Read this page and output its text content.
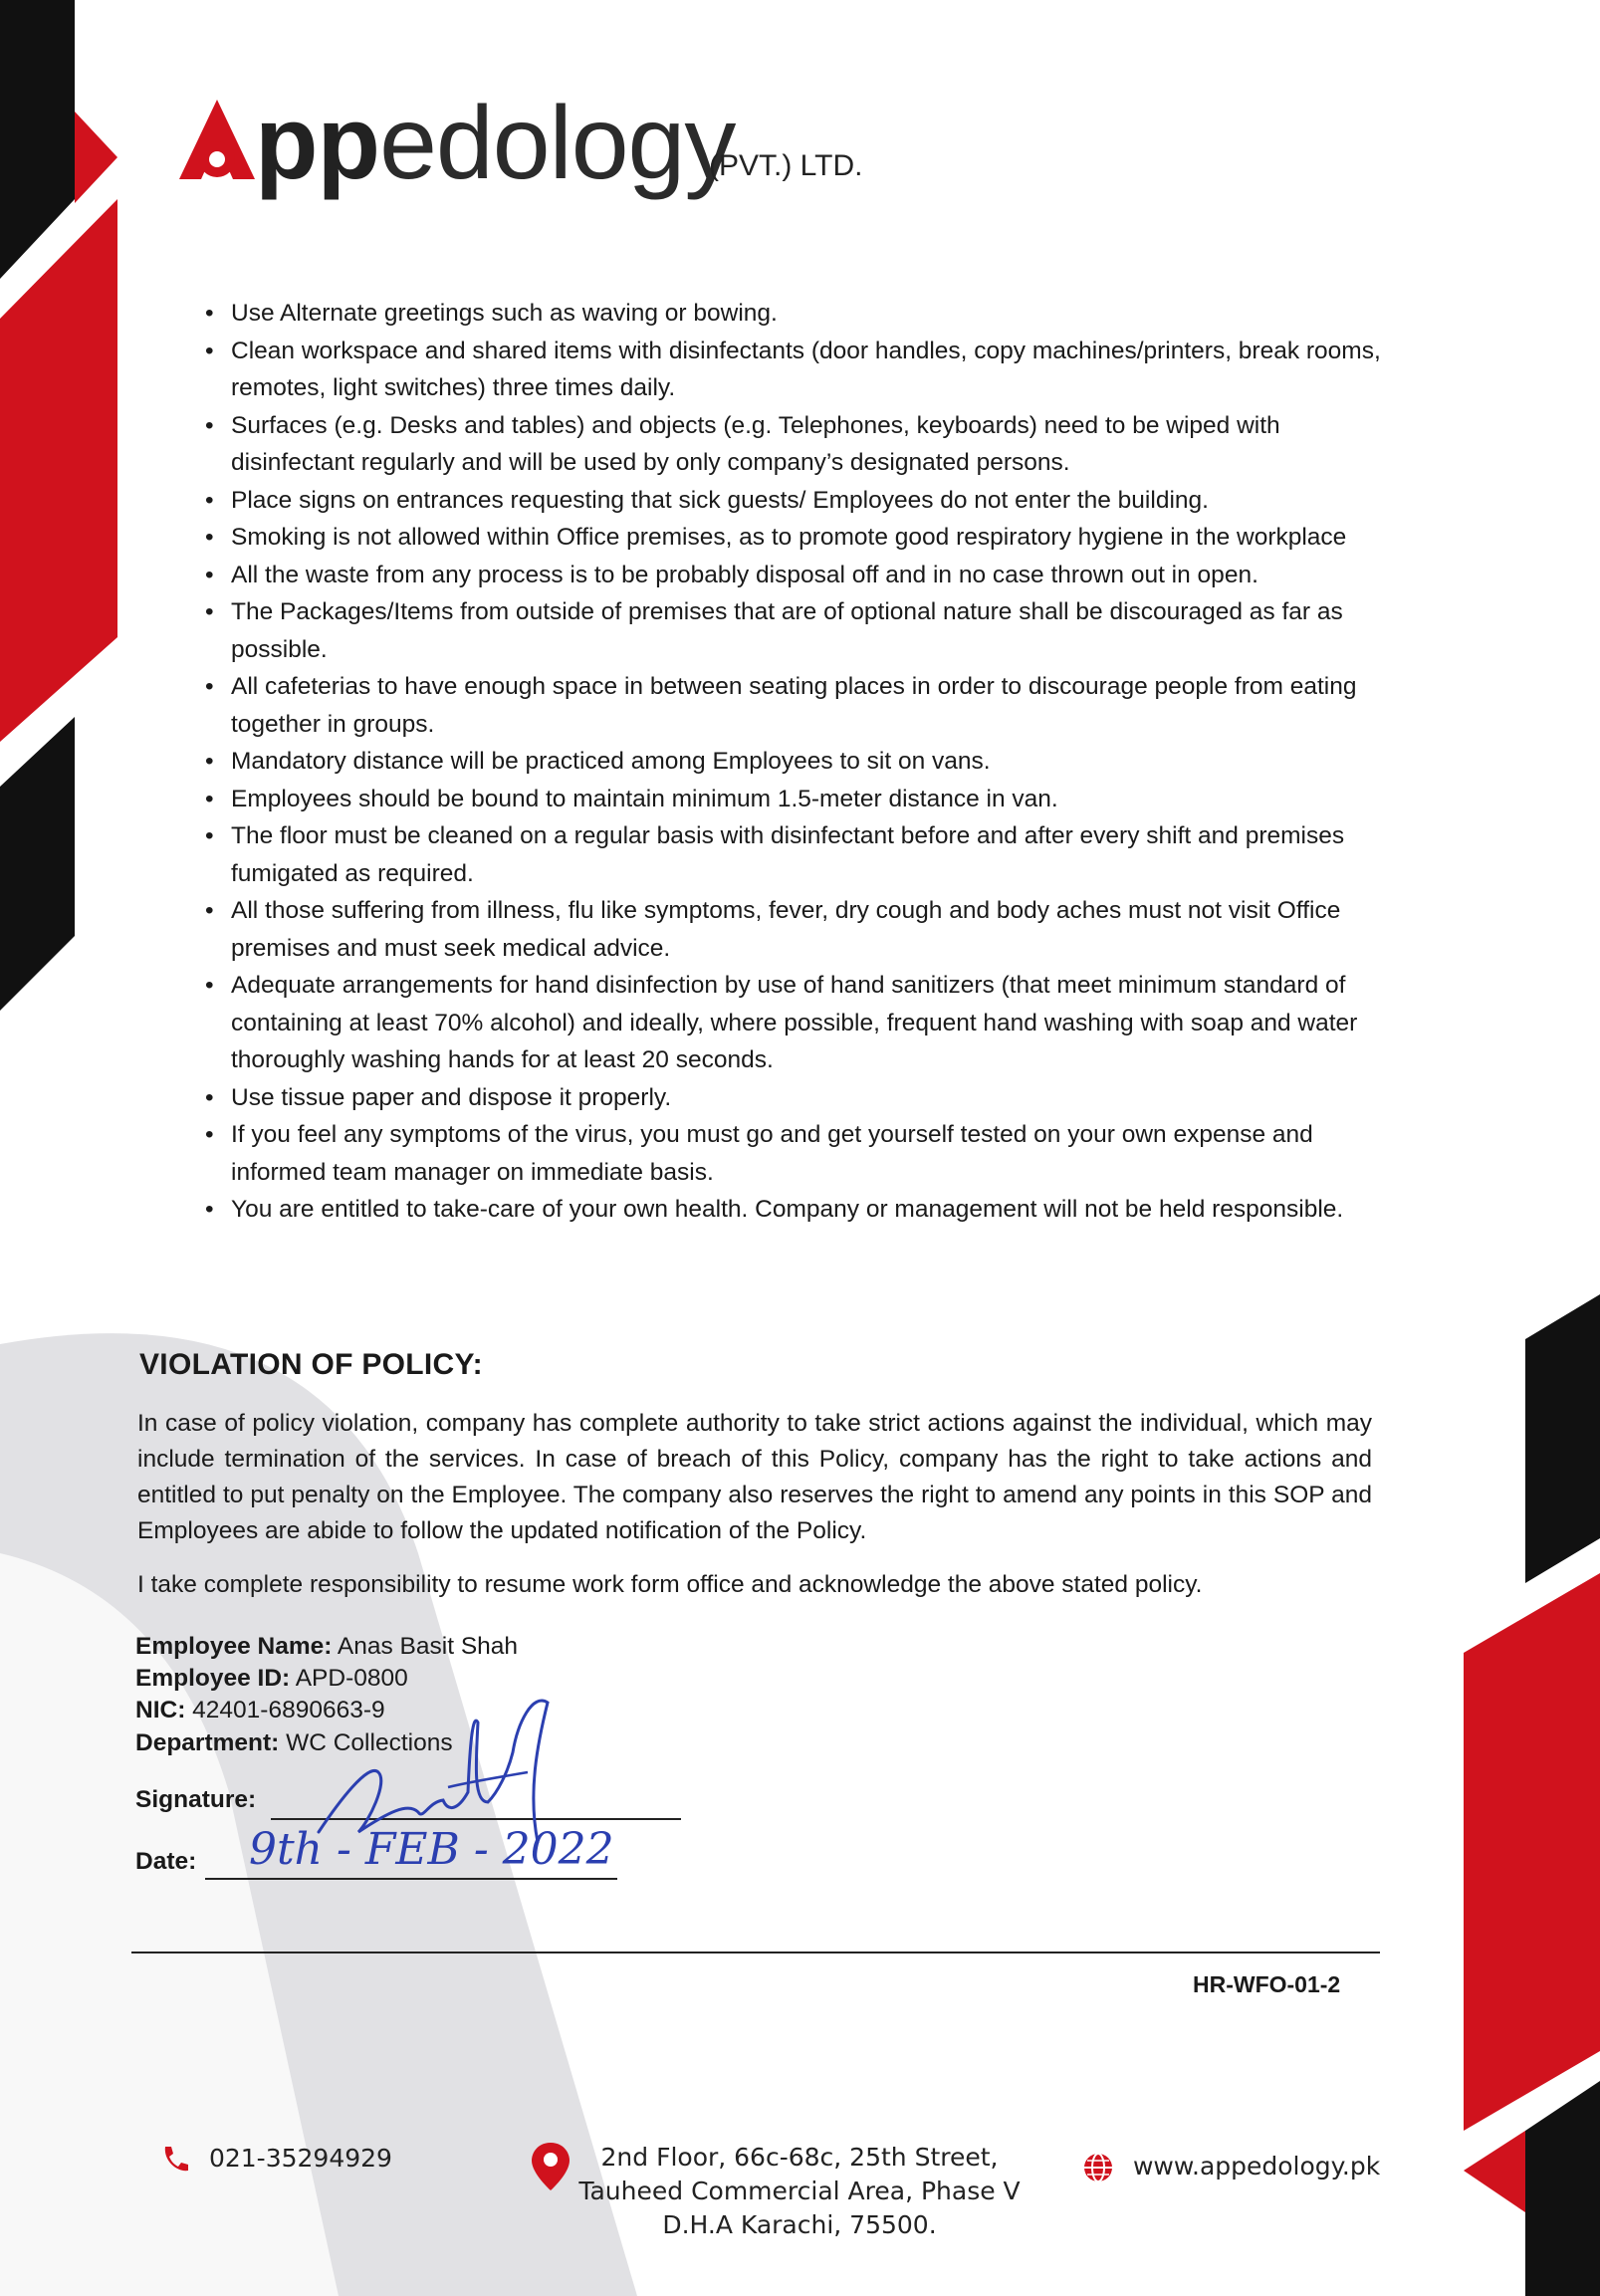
ppedology
(PVT.) LTD.
• Use Alternate greetings such as waving or bowing.
• Clean workspace and shared items with disinfectants (door handles, copy machines/printers, break rooms, remotes, light switches) three times daily.
• Surfaces (e.g. Desks and tables) and objects (e.g. Telephones, keyboards) need to be wiped with disinfectant regularly and will be used by only company’s designated persons.
• Place signs on entrances requesting that sick guests/ Employees do not enter the building.
• Smoking is not allowed within Office premises, as to promote good respiratory hygiene in the workplace
• All the waste from any process is to be probably disposal off and in no case thrown out in open.
• The Packages/Items from outside of premises that are of optional nature shall be discouraged as far as possible.
• All cafeterias to have enough space in between seating places in order to discourage people from eating together in groups.
• Mandatory distance will be practiced among Employees to sit on vans.
• Employees should be bound to maintain minimum 1.5-meter distance in van.
• The floor must be cleaned on a regular basis with disinfectant before and after every shift and premises fumigated as required.
• All those suffering from illness, flu like symptoms, fever, dry cough and body aches must not visit Office premises and must seek medical advice.
• Adequate arrangements for hand disinfection by use of hand sanitizers (that meet minimum standard of containing at least 70% alcohol) and ideally, where possible, frequent hand washing with soap and water thoroughly washing hands for at least 20 seconds.
• Use tissue paper and dispose it properly.
• If you feel any symptoms of the virus, you must go and get yourself tested on your own expense and informed team manager on immediate basis.
• You are entitled to take-care of your own health. Company or management will not be held responsible.
VIOLATION OF POLICY:
In case of policy violation, company has complete authority to take strict actions against the individual, which may include termination of the services. In case of breach of this Policy, company has the right to take actions and entitled to put penalty on the Employee. The company also reserves the right to amend any points in this SOP and Employees are abide to follow the updated notification of the Policy.
I take complete responsibility to resume work form office and acknowledge the above stated policy.
Employee Name: Anas Basit Shah
Employee ID: APD-0800
NIC: 42401-6890663-9
Department: WC Collections
Signature:
Date: 9th - FEB - 2022
HR-WFO-01-2
021-35294929	2nd Floor, 66c-68c, 25th Street,
Tauheed Commercial Area, Phase V
D.H.A Karachi, 75500.
www.appedology.pk
